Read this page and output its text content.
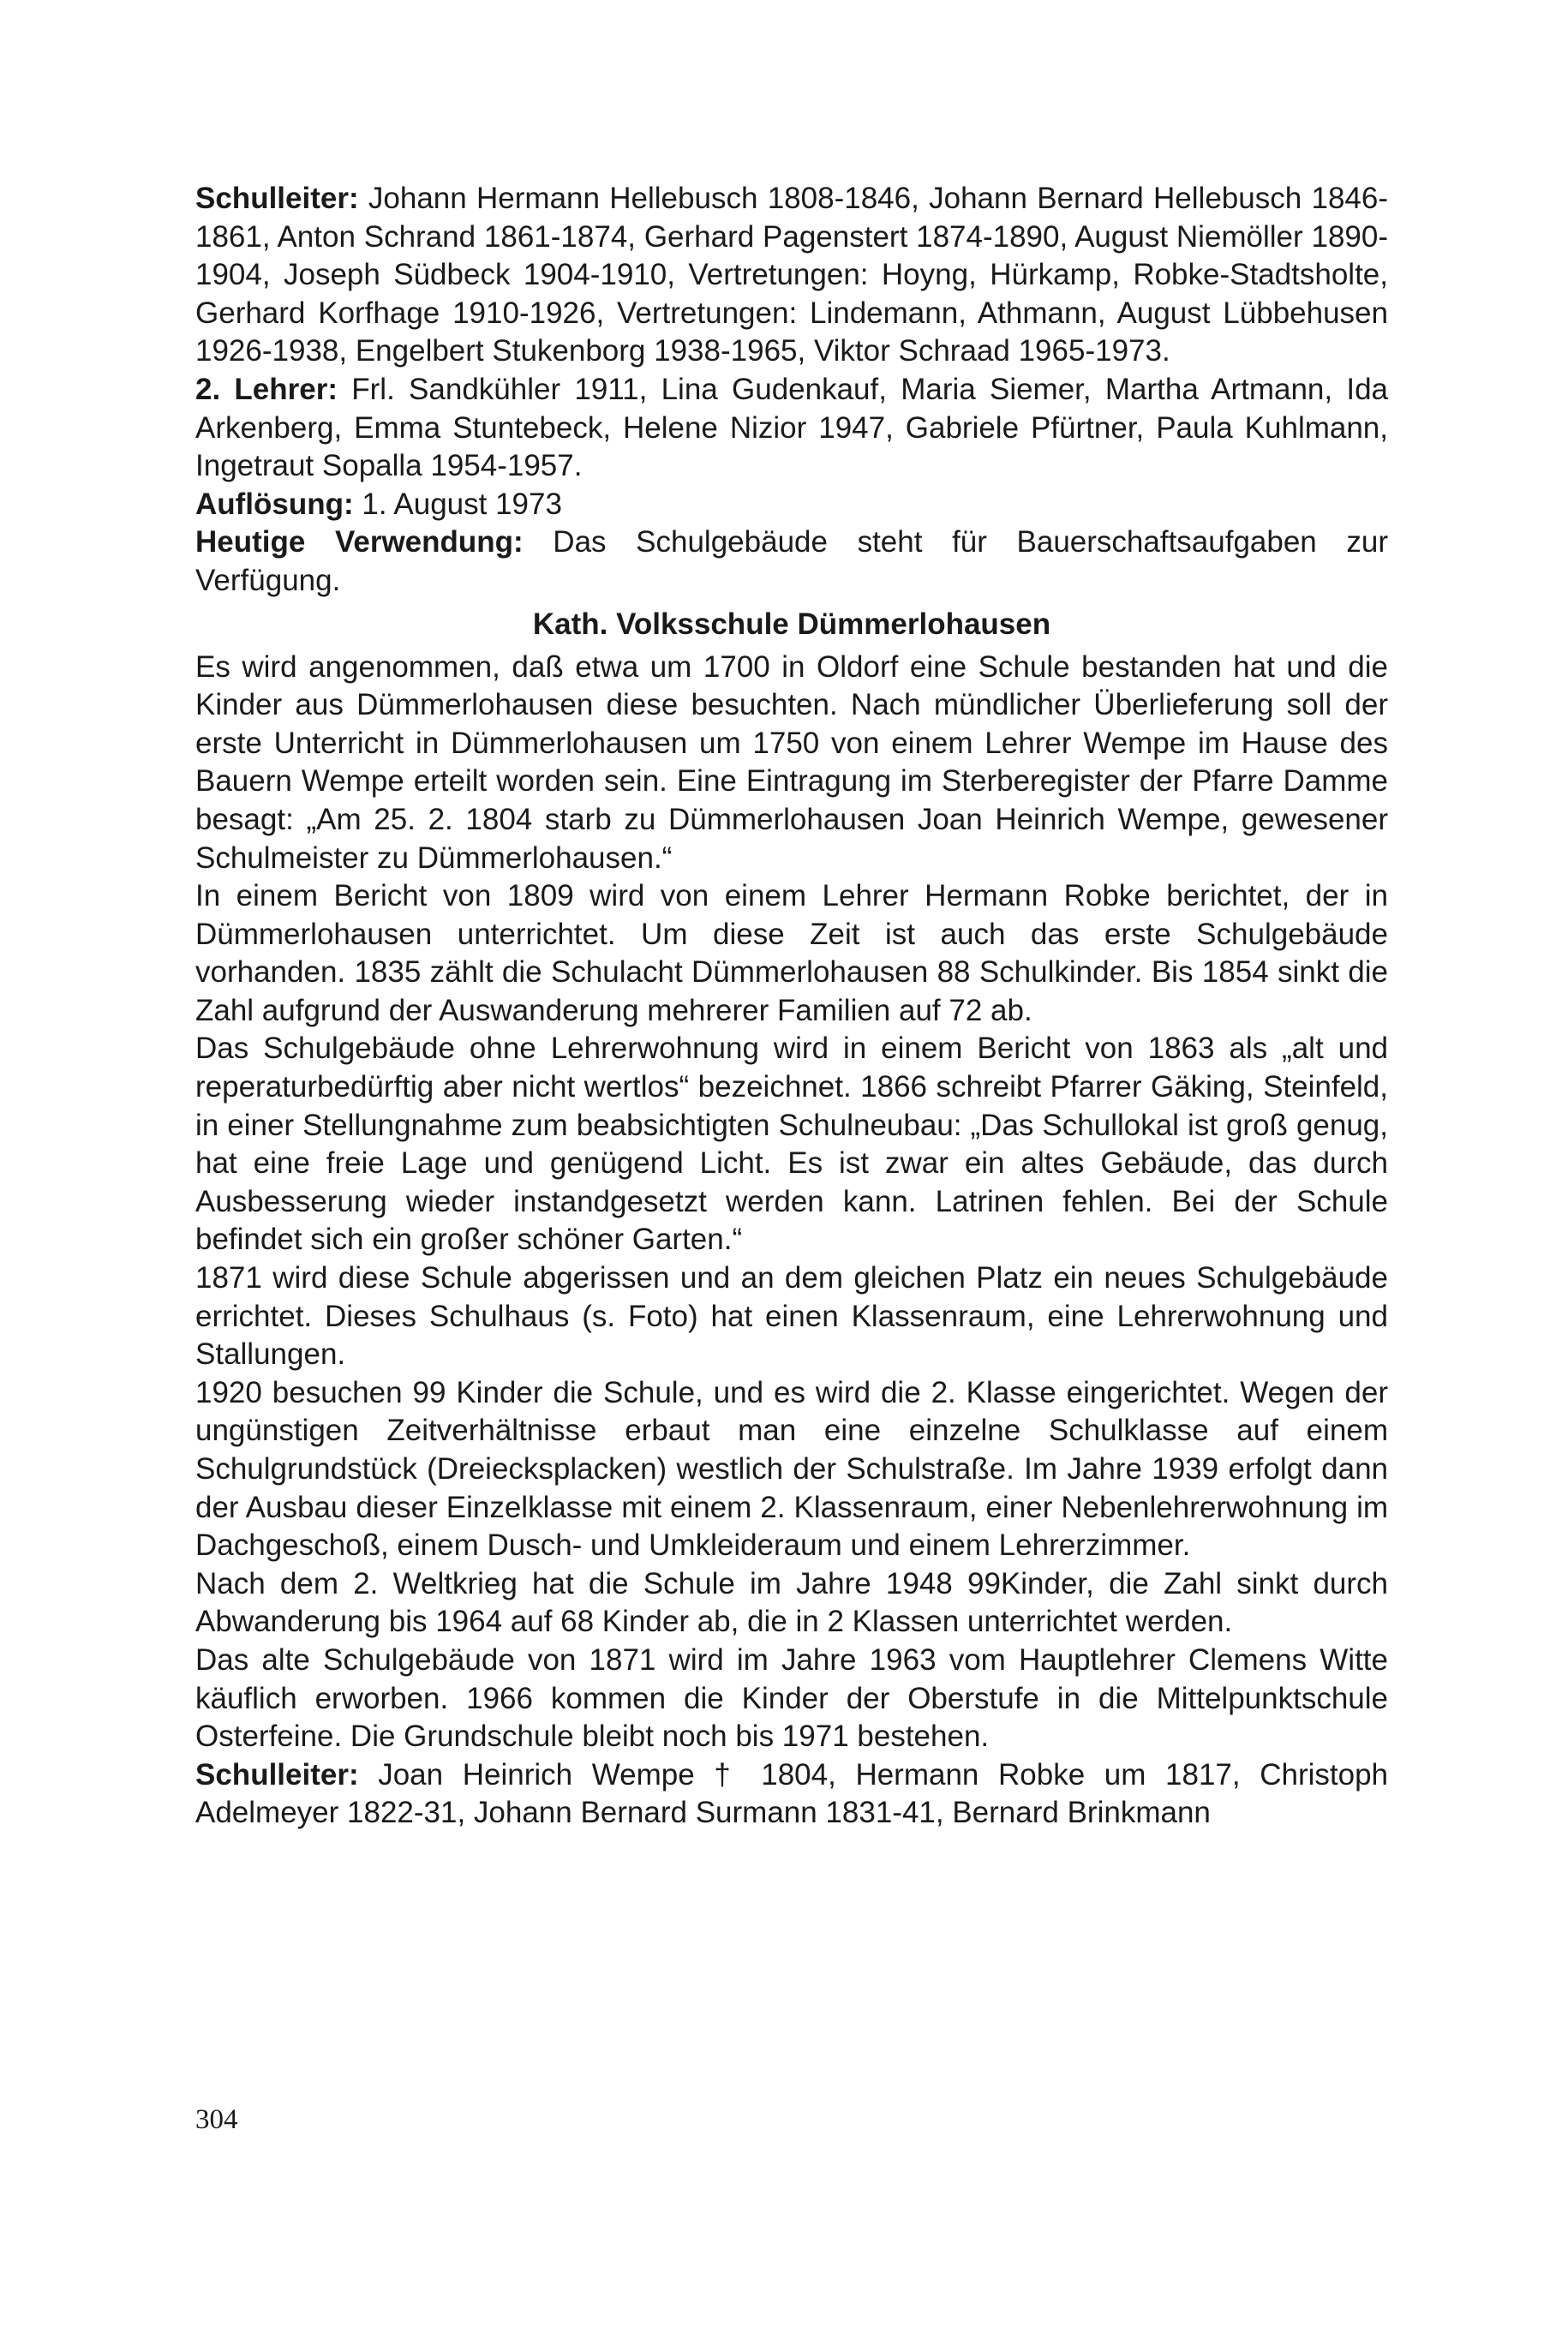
Schulleiter: Johann Hermann Hellebusch 1808-1846, Johann Bernard Hellebusch 1846-1861, Anton Schrand 1861-1874, Gerhard Pagenstert 1874-1890, August Niemöller 1890-1904, Joseph Südbeck 1904-1910, Vertretungen: Hoyng, Hürkamp, Robke-Stadtsholte, Gerhard Korfhage 1910-1926, Vertretungen: Lindemann, Athmann, August Lübbehusen 1926-1938, Engelbert Stukenborg 1938-1965, Viktor Schraad 1965-1973.

2. Lehrer: Frl. Sandkühler 1911, Lina Gudenkauf, Maria Siemer, Martha Artmann, Ida Arkenberg, Emma Stuntebeck, Helene Nizior 1947, Gabriele Pfürtner, Paula Kuhlmann, Ingetraut Sopalla 1954-1957.

Auflösung: 1. August 1973

Heutige Verwendung: Das Schulgebäude steht für Bauerschaftsaufgaben zur Verfügung.

Kath. Volksschule Dümmerlohausen

Es wird angenommen, daß etwa um 1700 in Oldorf eine Schule bestanden hat und die Kinder aus Dümmerlohausen diese besuchten. Nach mündlicher Überlieferung soll der erste Unterricht in Dümmerlohausen um 1750 von einem Lehrer Wempe im Hause des Bauern Wempe erteilt worden sein. Eine Eintragung im Sterberegister der Pfarre Damme besagt: „Am 25. 2. 1804 starb zu Dümmerlohausen Joan Heinrich Wempe, gewesener Schulmeister zu Dümmerlohausen.“

In einem Bericht von 1809 wird von einem Lehrer Hermann Robke berichtet, der in Dümmerlohausen unterrichtet. Um diese Zeit ist auch das erste Schulgebäude vorhanden. 1835 zählt die Schulacht Dümmerlohausen 88 Schulkinder. Bis 1854 sinkt die Zahl aufgrund der Auswanderung mehrerer Familien auf 72 ab.

Das Schulgebäude ohne Lehrerwohnung wird in einem Bericht von 1863 als „alt und reperaturbedürftig aber nicht wertlos“ bezeichnet. 1866 schreibt Pfarrer Gäking, Steinfeld, in einer Stellungnahme zum beabsichtigten Schulneubau: „Das Schullokal ist groß genug, hat eine freie Lage und genügend Licht. Es ist zwar ein altes Gebäude, das durch Ausbesserung wieder instandgesetzt werden kann. Latrinen fehlen. Bei der Schule befindet sich ein großer schöner Garten.“

1871 wird diese Schule abgerissen und an dem gleichen Platz ein neues Schulgebäude errichtet. Dieses Schulhaus (s. Foto) hat einen Klassenraum, eine Lehrerwohnung und Stallungen.

1920 besuchen 99 Kinder die Schule, und es wird die 2. Klasse eingerichtet. Wegen der ungünstigen Zeitverhältnisse erbaut man eine einzelne Schulklasse auf einem Schulgrundstück (Dreiecksplacken) westlich der Schulstraße. Im Jahre 1939 erfolgt dann der Ausbau dieser Einzelklasse mit einem 2. Klassenraum, einer Nebenlehrerwohnung im Dachgeschoß, einem Dusch- und Umkleideraum und einem Lehrerzimmer.

Nach dem 2. Weltkrieg hat die Schule im Jahre 1948 99Kinder, die Zahl sinkt durch Abwanderung bis 1964 auf 68 Kinder ab, die in 2 Klassen unterrichtet werden.

Das alte Schulgebäude von 1871 wird im Jahre 1963 vom Hauptlehrer Clemens Witte käuflich erworben. 1966 kommen die Kinder der Oberstufe in die Mittelpunktschule Osterfeine. Die Grundschule bleibt noch bis 1971 bestehen.

Schulleiter: Joan Heinrich Wempe † 1804, Hermann Robke um 1817, Christoph Adelmeyer 1822-31, Johann Bernard Surmann 1831-41, Bernard Brinkmann

304
